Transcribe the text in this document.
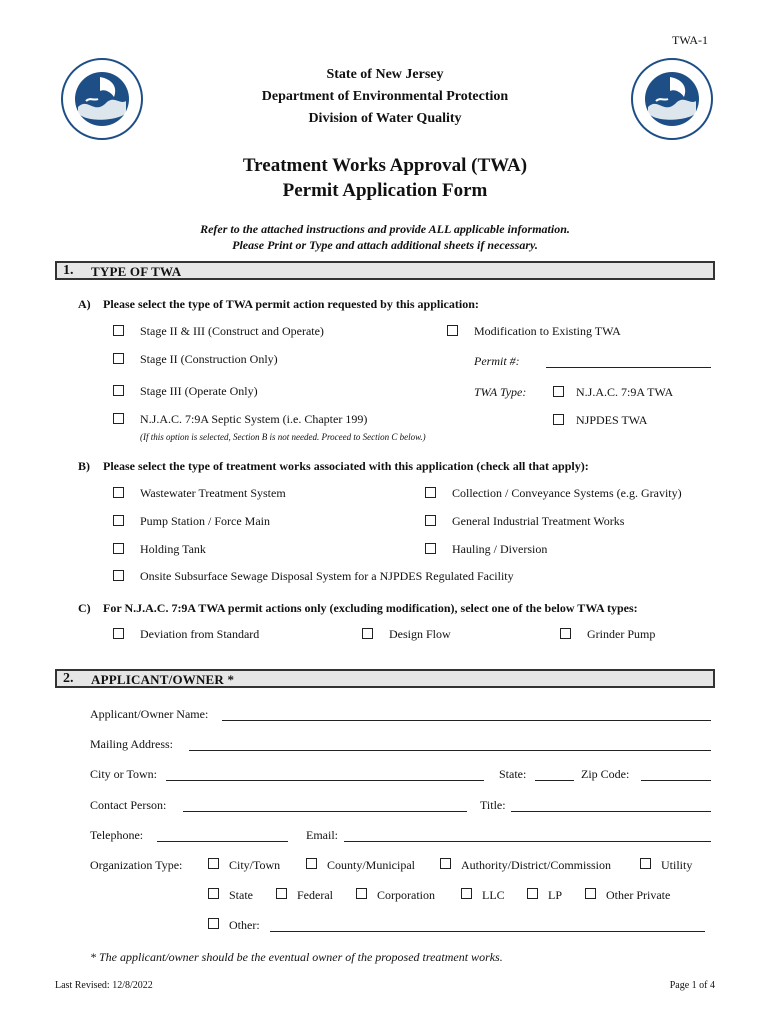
TWA-1
State of New Jersey
Department of Environmental Protection
Division of Water Quality
Treatment Works Approval (TWA)
Permit Application Form
Refer to the attached instructions and provide ALL applicable information.
Please Print or Type and attach additional sheets if necessary.
1. TYPE OF TWA
A) Please select the type of TWA permit action requested by this application:
Stage II & III (Construct and Operate)	Modification to Existing TWA
Stage II (Construction Only)	Permit #:
Stage III (Operate Only)	TWA Type:	N.J.A.C. 7:9A TWA
N.J.A.C. 7:9A Septic System (i.e. Chapter 199)	NJPDES TWA
(If this option is selected, Section B is not needed. Proceed to Section C below.)
B) Please select the type of treatment works associated with this application (check all that apply):
Wastewater Treatment System	Collection / Conveyance Systems (e.g. Gravity)
Pump Station / Force Main	General Industrial Treatment Works
Holding Tank	Hauling / Diversion
Onsite Subsurface Sewage Disposal System for a NJPDES Regulated Facility
C) For N.J.A.C. 7:9A TWA permit actions only (excluding modification), select one of the below TWA types:
Deviation from Standard	Design Flow	Grinder Pump
2. APPLICANT/OWNER *
Applicant/Owner Name:
Mailing Address:
City or Town:	State:	Zip Code:
Contact Person:	Title:
Telephone:	Email:
Organization Type:	City/Town	County/Municipal	Authority/District/Commission	Utility
State	Federal	Corporation	LLC	LP	Other Private
Other:
* The applicant/owner should be the eventual owner of the proposed treatment works.
Last Revised: 12/8/2022	Page 1 of 4
